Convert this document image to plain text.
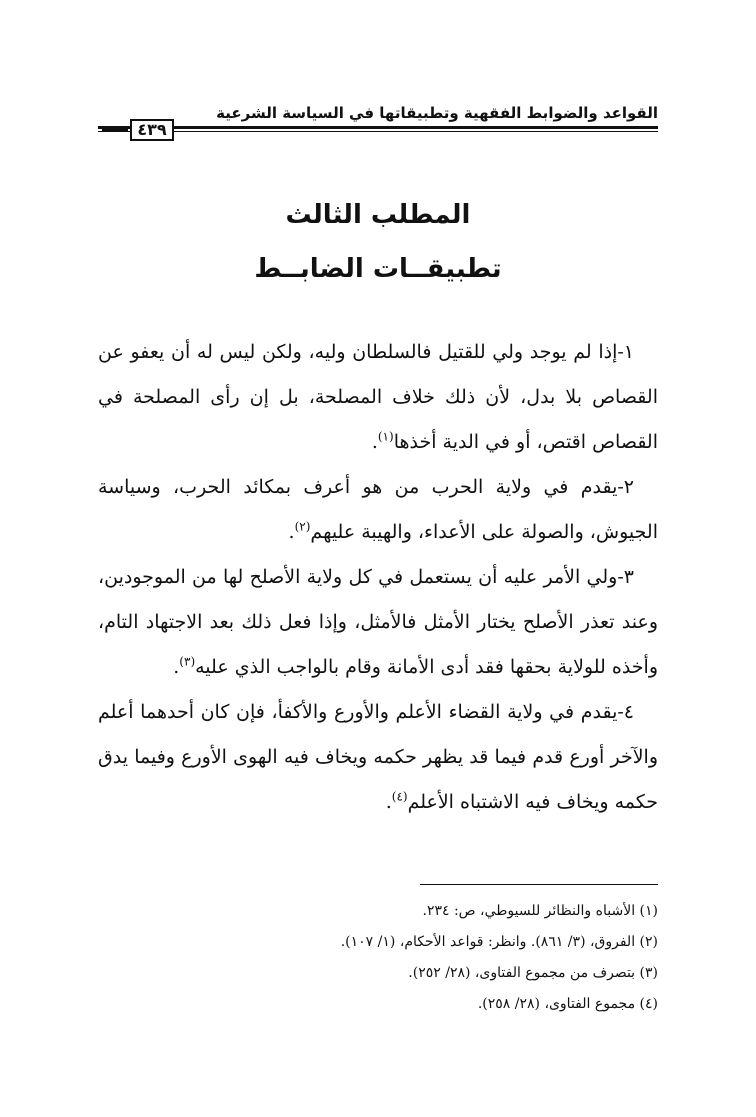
القواعد والضوابط الفقهية وتطبيقاتها في السياسة الشرعية
٤٣٩
المطلب الثالث
تطبيقــات الضابــط

١-إذا لم يوجد ولي للقتيل فالسلطان وليه، ولكن ليس له أن يعفو عن القصاص بلا بدل، لأن ذلك خلاف المصلحة، بل إن رأى المصلحة في القصاص اقتص، أو في الدية أخذها$^{(١)}$.

٢-يقدم في ولاية الحرب من هو أعرف بمكائد الحرب، وسياسة الجيوش، والصولة على الأعداء، والهيبة عليهم$^{(٢)}$.

٣-ولي الأمر عليه أن يستعمل في كل ولاية الأصلح لها من الموجودين، وعند تعذر الأصلح يختار الأمثل فالأمثل، وإذا فعل ذلك بعد الاجتهاد التام، وأخذه للولاية بحقها فقد أدى الأمانة وقام بالواجب الذي عليه$^{(٣)}$.

٤-يقدم في ولاية القضاء الأعلم والأورع والأكفأ، فإن كان أحدهما أعلم والآخر أورع قدم فيما قد يظهر حكمه ويخاف فيه الهوى الأورع وفيما يدق حكمه ويخاف فيه الاشتباه الأعلم$^{(٤)}$.

(١) الأشباه والنظائر للسيوطي، ص: ٢٣٤.
(٢) الفروق، (٣/ ٨٦١). وانظر: قواعد الأحكام، (١/ ١٠٧).
(٣) بتصرف من مجموع الفتاوى، (٢٨/ ٢٥٢).
(٤) مجموع الفتاوى، (٢٨/ ٢٥٨).
